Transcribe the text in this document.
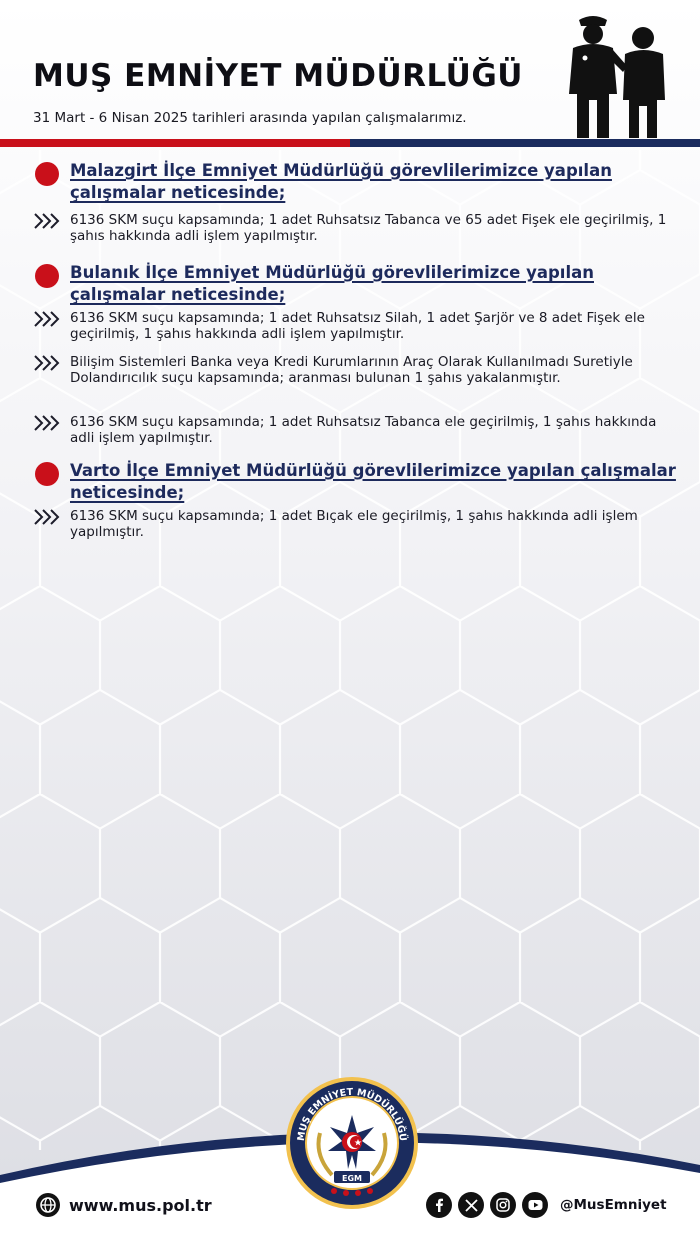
MUŞ EMNİYET MÜDÜRLÜĞÜ
31 Mart - 6 Nisan 2025 tarihleri arasında yapılan çalışmalarımız.
Malazgirt İlçe Emniyet Müdürlüğü görevlilerimizce yapılan çalışmalar neticesinde;

6136 SKM suçu kapsamında; 1 adet Ruhsatsız Tabanca ve 65 adet Fişek ele geçirilmiş, 1 şahıs hakkında adli işlem yapılmıştır.

Bulanık İlçe Emniyet Müdürlüğü görevlilerimizce yapılan çalışmalar neticesinde;

6136 SKM suçu kapsamında; 1 adet Ruhsatsız Silah, 1 adet Şarjör ve 8 adet Fişek ele geçirilmiş, 1 şahıs hakkında adli işlem yapılmıştır.

Bilişim Sistemleri Banka veya Kredi Kurumlarının Araç Olarak Kullanılmadı Suretiyle Dolandırıcılık suçu kapsamında; aranması bulunan 1 şahıs yakalanmıştır.

6136 SKM suçu kapsamında; 1 adet Ruhsatsız Tabanca ele geçirilmiş, 1 şahıs hakkında adli işlem yapılmıştır.

Varto İlçe Emniyet Müdürlüğü görevlilerimizce yapılan çalışmalar neticesinde;

6136 SKM suçu kapsamında; 1 adet Bıçak ele geçirilmiş, 1 şahıs hakkında adli işlem yapılmıştır.

MUŞ EMNİYET MÜDÜRLÜĞÜ
EGM
www.mus.pol.tr	@MusEmniyet
